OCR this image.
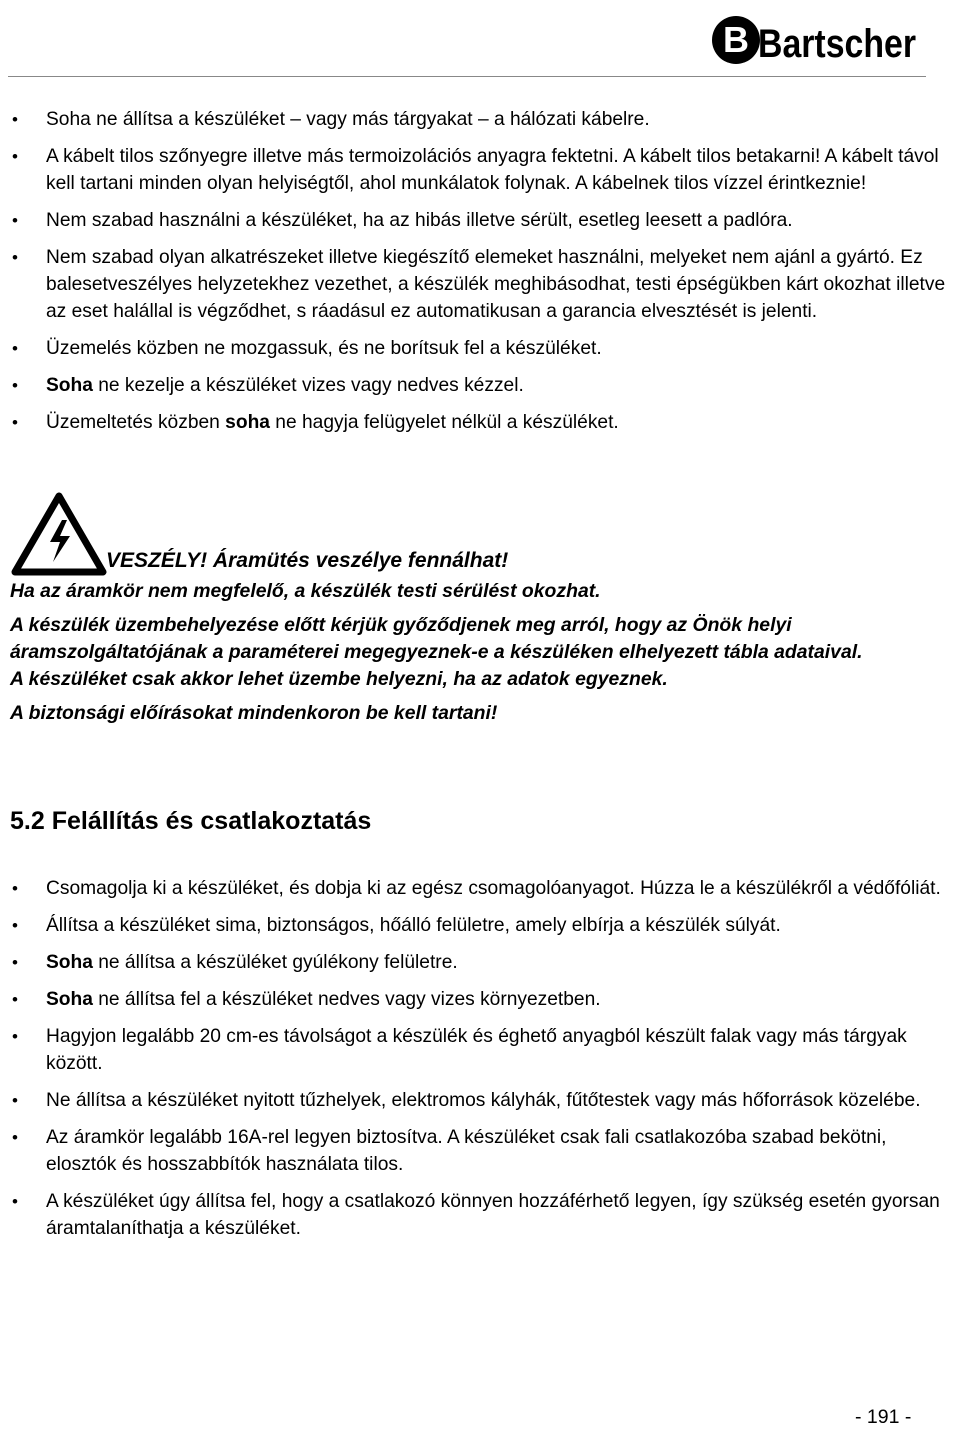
B Bartscher
• Soha ne állítsa a készüléket – vagy más tárgyakat – a hálózati kábelre.
• A kábelt tilos szőnyegre illetve más termoizolációs anyagra fektetni. A kábelt tilos betakarni! A kábelt távol kell tartani minden olyan helyiségtől, ahol munkálatok folynak. A kábelnek tilos vízzel érintkeznie!
• Nem szabad használni a készüléket, ha az hibás illetve sérült, esetleg leesett a padlóra.
• Nem szabad olyan alkatrészeket illetve kiegészítő elemeket használni, melyeket nem ajánl a gyártó. Ez balesetveszélyes helyzetekhez vezethet, a készülék meghibásodhat, testi épségükben kárt okozhat illetve az eset halállal is végződhet, s ráadásul ez automatikusan a garancia elvesztését is jelenti.
• Üzemelés közben ne mozgassuk, és ne borítsuk fel a készüléket.
• Soha ne kezelje a készüléket vizes vagy nedves kézzel.
• Üzemeltetés közben soha ne hagyja felügyelet nélkül a készüléket.
VESZÉLY! Áramütés veszélye fennálhat!

Ha az áramkör nem megfelelő, a készülék testi sérülést okozhat.

A készülék üzembehelyezése előtt kérjük győződjenek meg arról, hogy az Önök helyi áramszolgáltatójának a paraméterei megegyeznek-e a készüléken elhelyezett tábla adataival.

A készüléket csak akkor lehet üzembe helyezni, ha az adatok egyeznek.

A biztonsági előírásokat mindenkoron be kell tartani!

5.2 Felállítás és csatlakoztatás
• Csomagolja ki a készüléket, és dobja ki az egész csomagolóanyagot. Húzza le a készülékről a védőfóliát.
• Állítsa a készüléket sima, biztonságos, hőálló felületre, amely elbírja a készülék súlyát.
• Soha ne állítsa a készüléket gyúlékony felületre.
• Soha ne állítsa fel a készüléket nedves vagy vizes környezetben.
• Hagyjon legalább 20 cm-es távolságot a készülék és éghető anyagból készült falak vagy más tárgyak között.
• Ne állítsa a készüléket nyitott tűzhelyek, elektromos kályhák, fűtőtestek vagy más hőforrások közelébe.
• Az áramkör legalább 16A-rel legyen biztosítva. A készüléket csak fali csatlakozóba szabad bekötni, elosztók és hosszabbítók használata tilos.
• A készüléket úgy állítsa fel, hogy a csatlakozó könnyen hozzáférhető legyen, így szükség esetén gyorsan áramtalaníthatja a készüléket.
- 191 -
